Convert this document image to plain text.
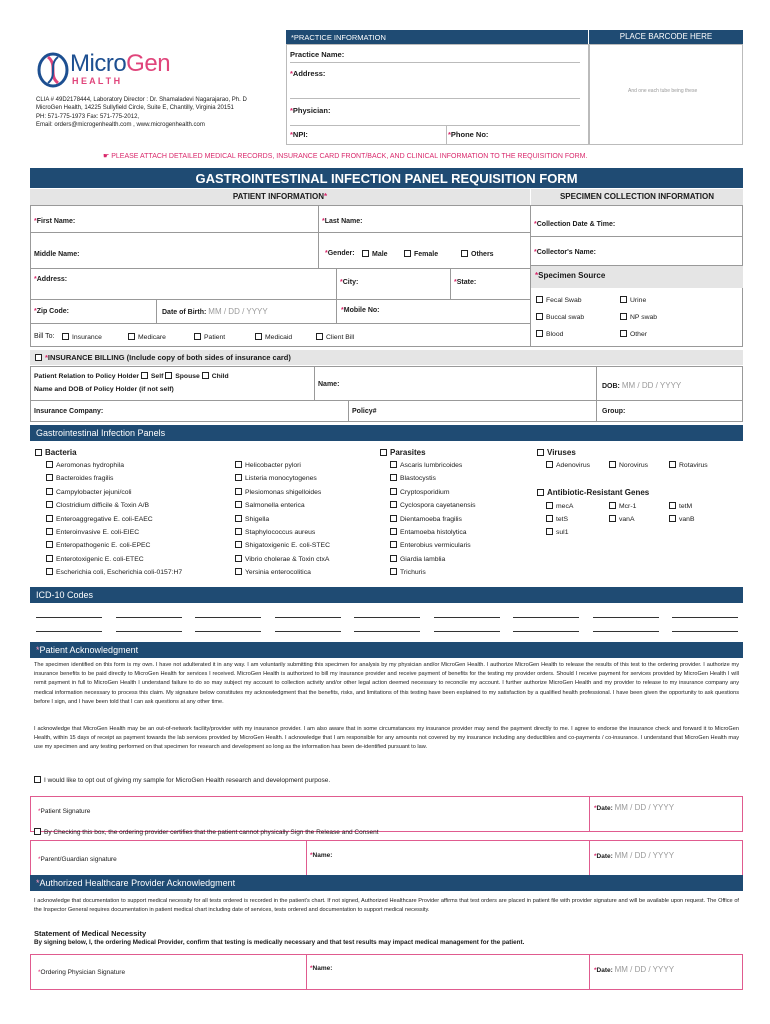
MicroGen
H E A L T H
CLIA # 49D2178444, Laboratory Director : Dr. Shamaladevi Nagarajarao, Ph. D
MicroGen Health, 14225 Sullyfield Circle, Suite E, Chantilly, Virginia 20151
PH: 571-775-1973 Fax: 571-775-2012,
Email: orders@microgenhealth.com , www.microgenhealth.com
*PRACTICE INFORMATION	PLACE BARCODE HERE
And one each tube being these
Practice Name:
*Address:
*Physician:
*NPI:	*Phone No:
☛ PLEASE ATTACH DETAILED MEDICAL RECORDS, INSURANCE CARD FRONT/BACK, AND CLINICAL INFORMATION TO THE REQUISITION FORM.
GASTROINTESTINAL INFECTION PANEL REQUISITION FORM
PATIENT INFORMATION*	SPECIMEN COLLECTION INFORMATION
*First Name:	*Last Name:	*Collection Date & Time:
Middle Name:	*Gender:	Male	Female	Others	*Collector's Name:
*Address:	*City:	*State:
*Specimen Source
Fecal Swab	Urine
Buccal swab	NP swab
Blood	Other
*Zip Code:	Date of Birth: MM / DD / YYYY	*Mobile No:
Bill To:	Insurance	Medicare	Patient	Medicaid	Client Bill
*INSURANCE BILLING (Include copy of both sides of insurance card)
Patient Relation to Policy Holder Self Spouse Child
Name and DOB of Policy Holder (if not self)
Name:	DOB: MM / DD / YYYY
Insurance Company:	Policy#	Group:
Gastrointestinal Infection Panels
Bacteria
Aeromonas hydrophila
Bacteroides fragilis
Campylobacter jejuni/coli
Clostridium difficile & Toxin A/B
Enteroaggregative E. coli-EAEC
Enteroinvasive E. coli-EIEC
Enteropathogenic E. coli-EPEC
Enterotoxigenic E. coli-ETEC
Escherichia coli, Escherichia coli-0157:H7
Helicobacter pylori
Listeria monocytogenes
Plesiomonas shigelloides
Salmonella enterica
Shigella
Staphylococcus aureus
Shigatoxigenic E. coli-STEC
Vibrio cholerae & Toxin ctxA
Yersinia enterocolitica
Parasites
Ascaris lumbricoides
Blastocystis
Cryptosporidium
Cyclospora cayetanensis
Dientamoeba fragilis
Entamoeba histolytica
Enterobius vermicularis
Giardia lamblia
Trichuris
Viruses
Adenovirus	Norovirus	Rotavirus
Antibiotic-Resistant Genes
mecA	Mcr-1	tetM
tetS	vanA	vanB
sul1
ICD-10 Codes
*Patient Acknowledgment
The specimen identified on this form is my own. I have not adulterated it in any way. I am voluntarily submitting this specimen for analysis by my physician and/or MicroGen Health. I authorize MicroGen Health to release the results of this test to the ordering provider. I authorize my insurance benefits to be paid directly to MicroGen Health for services I received. MicroGen Health is authorized to bill my insurance provider and receive payment of benefits for the testing my provider orders. Should I receive payment for services provided by MicroGen Health I will remit payment in full to MicroGen Health I understand failure to do so may subject my account to collection activity and/or other legal action deemed necessary to reconcile my account. I further authorize MicroGen Health and my provider to release to my insurance company any medical information necessary to process this claim. My signature below constitutes my acknowledgment that the benefits, risks, and limitations of this testing have been explained to my satisfaction by a qualified health professional. I have been given the opportunity to ask questions before I sign, and I have been told that I can ask questions at any other time.
I acknowledge that MicroGen Health may be an out-of-network facility/provider with my insurance provider. I am also aware that in some circumstances my insurance provider may send the payment directly to me. I agree to endorse the insurance check and forward it to MicroGen Health, within 15 days of receipt as payment towards the lab services provided by MicroGen Health. I acknowledge that I am responsible for any amounts not covered by my insurance including any deductibles and co-payments / co-insurance. I understand that MicroGen Health may use my specimen and any testing performed on that specimen for research and development so long as the information has been de-identified pursuant to law.
I would like to opt out of giving my sample for MicroGen Health research and development purpose.
*Patient Signature	*Date: MM / DD / YYYY
By Checking this box, the ordering provider certifies that the patient cannot physically Sign the Release and Consent
*Parent/Guardian signature
*Name:	*Date: MM / DD / YYYY
*Authorized Healthcare Provider Acknowledgment
I acknowledge that documentation to support medical necessity for all tests ordered is recorded in the patient's chart. If not signed, Authorized Healthcare Provider affirms that test orders are placed in patient file with provider signature and will be available upon request. The Office of the Inspector General requires documentation in patient medical chart including date of services, tests ordered and documentation to support medical necessity.
Statement of Medical Necessity
By signing below, I, the ordering Medical Provider, confirm that testing is medically necessary and that test results may impact medical management for the patient.
*Ordering Physician Signature
*Name:	*Date: MM / DD / YYYY
